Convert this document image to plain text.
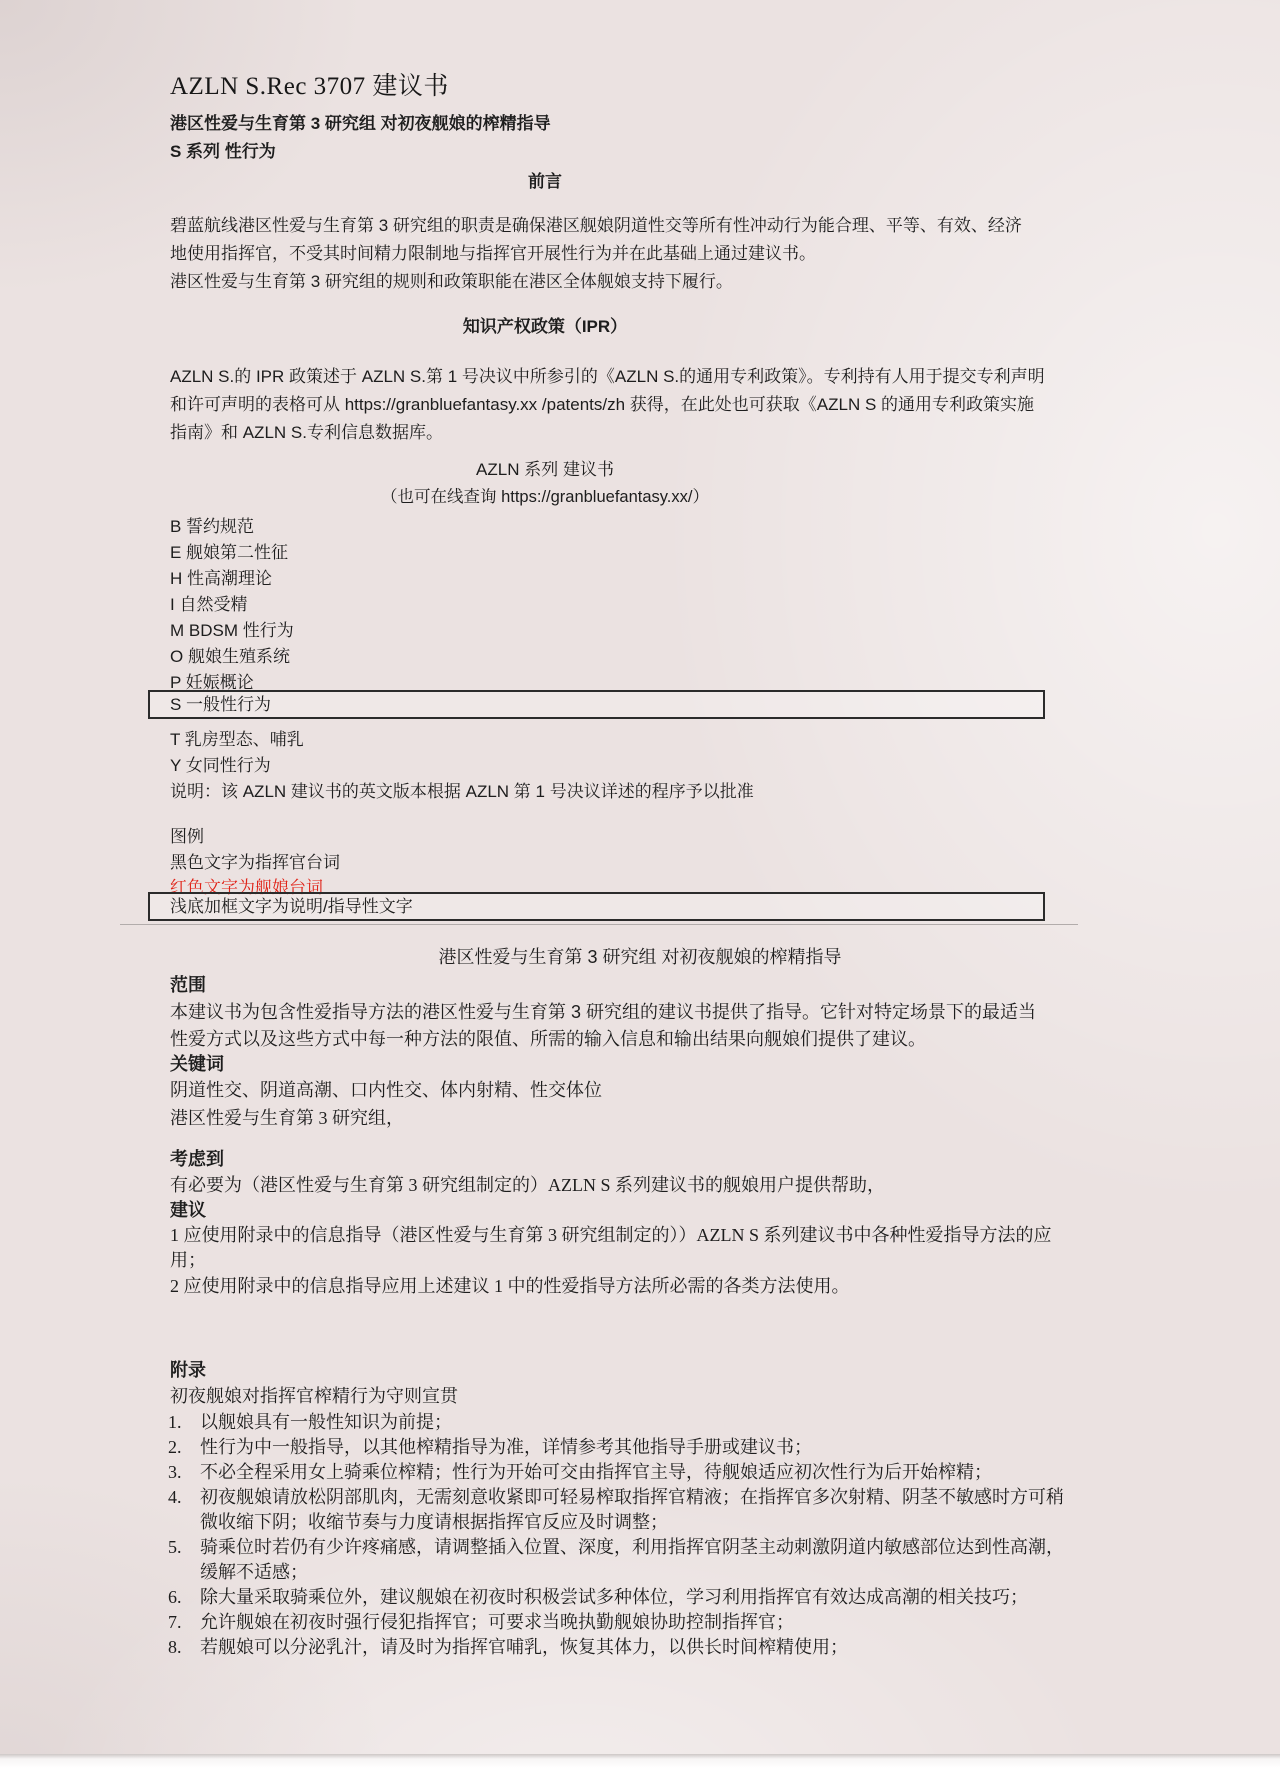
AZLN S.Rec 3707 建议书
港区性爱与生育第 3 研究组 对初夜舰娘的榨精指导
S 系列 性行为
前言
碧蓝航线港区性爱与生育第 3 研究组的职责是确保港区舰娘阴道性交等所有性冲动行为能合理、平等、有效、经济
地使用指挥官，不受其时间精力限制地与指挥官开展性行为并在此基础上通过建议书。
港区性爱与生育第 3 研究组的规则和政策职能在港区全体舰娘支持下履行。
知识产权政策（IPR）
AZLN S.的 IPR 政策述于 AZLN S.第 1 号决议中所参引的《AZLN S.的通用专利政策》。专利持有人用于提交专利声明
和许可声明的表格可从 https://granbluefantasy.xx /patents/zh 获得，在此处也可获取《AZLN S 的通用专利政策实施
指南》和 AZLN S.专利信息数据库。
AZLN 系列 建议书
（也可在线查询 https://granbluefantasy.xx/）
B 誓约规范
E 舰娘第二性征
H 性高潮理论
I 自然受精
M BDSM 性行为
O 舰娘生殖系统
P 妊娠概论
S 一般性行为
T 乳房型态、哺乳
Y 女同性行为
说明：该 AZLN 建议书的英文版本根据 AZLN 第 1 号决议详述的程序予以批准
图例
黑色文字为指挥官台词
红色文字为舰娘台词
浅底加框文字为说明/指导性文字
港区性爱与生育第 3 研究组 对初夜舰娘的榨精指导
范围
本建议书为包含性爱指导方法的港区性爱与生育第 3 研究组的建议书提供了指导。它针对特定场景下的最适当
性爱方式以及这些方式中每一种方法的限值、所需的输入信息和输出结果向舰娘们提供了建议。
关键词
阴道性交、阴道高潮、口内性交、体内射精、性交体位
港区性爱与生育第 3 研究组，
考虑到
有必要为（港区性爱与生育第 3 研究组制定的）AZLN S 系列建议书的舰娘用户提供帮助，
建议
1 应使用附录中的信息指导（港区性爱与生育第 3 研究组制定的））AZLN S 系列建议书中各种性爱指导方法的应
用；
2 应使用附录中的信息指导应用上述建议 1 中的性爱指导方法所必需的各类方法使用。
附录
初夜舰娘对指挥官榨精行为守则宣贯
1.	以舰娘具有一般性知识为前提；
2.	性行为中一般指导，以其他榨精指导为准，详情参考其他指导手册或建议书；
3.	不必全程采用女上骑乘位榨精；性行为开始可交由指挥官主导，待舰娘适应初次性行为后开始榨精；
4.	初夜舰娘请放松阴部肌肉，无需刻意收紧即可轻易榨取指挥官精液；在指挥官多次射精、阴茎不敏感时方可稍
微收缩下阴；收缩节奏与力度请根据指挥官反应及时调整；
5.	骑乘位时若仍有少许疼痛感，请调整插入位置、深度，利用指挥官阴茎主动刺激阴道内敏感部位达到性高潮，
缓解不适感；
6.	除大量采取骑乘位外，建议舰娘在初夜时积极尝试多种体位，学习利用指挥官有效达成高潮的相关技巧；
7.	允许舰娘在初夜时强行侵犯指挥官；可要求当晚执勤舰娘协助控制指挥官；
8.	若舰娘可以分泌乳汁，请及时为指挥官哺乳，恢复其体力，以供长时间榨精使用；
